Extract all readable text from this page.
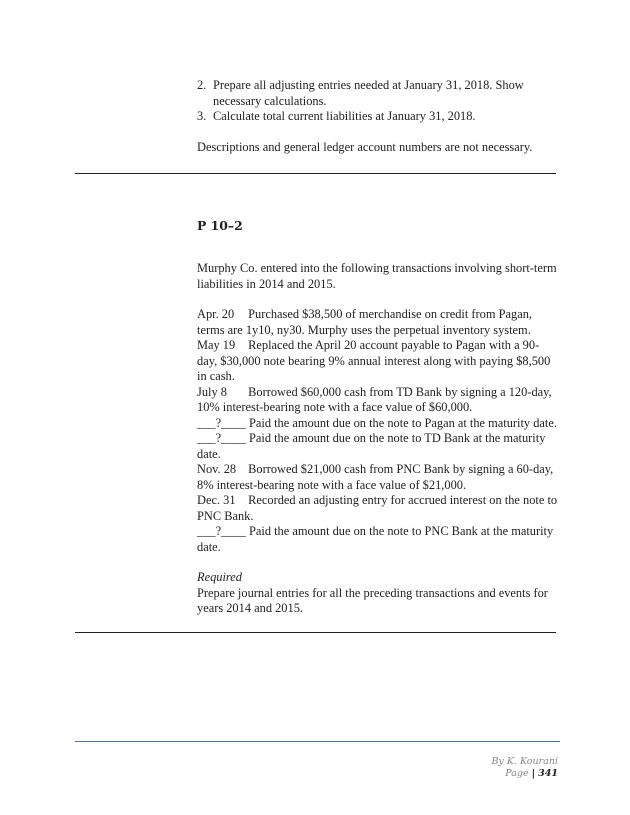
2. Prepare all adjusting entries needed at January 31, 2018. Show necessary calculations.
3. Calculate total current liabilities at January 31, 2018.
Descriptions and general ledger account numbers are not necessary.
P 10–2
Murphy Co. entered into the following transactions involving short-term liabilities in 2014 and 2015.
Apr. 20 Purchased $38,500 of merchandise on credit from Pagan, terms are 1y10, ny30. Murphy uses the perpetual inventory system.
May 19 Replaced the April 20 account payable to Pagan with a 90-day, $30,000 note bearing 9% annual interest along with paying $8,500 in cash.
July 8 Borrowed $60,000 cash from TD Bank by signing a 120-day, 10% interest-bearing note with a face value of $60,000.
___?____ Paid the amount due on the note to Pagan at the maturity date.
___?____ Paid the amount due on the note to TD Bank at the maturity date.
Nov. 28 Borrowed $21,000 cash from PNC Bank by signing a 60-day, 8% interest-bearing note with a face value of $21,000.
Dec. 31 Recorded an adjusting entry for accrued interest on the note to PNC Bank.
___?____ Paid the amount due on the note to PNC Bank at the maturity date.
Required
Prepare journal entries for all the preceding transactions and events for years 2014 and 2015.
By K. Kourani
Page | 341
